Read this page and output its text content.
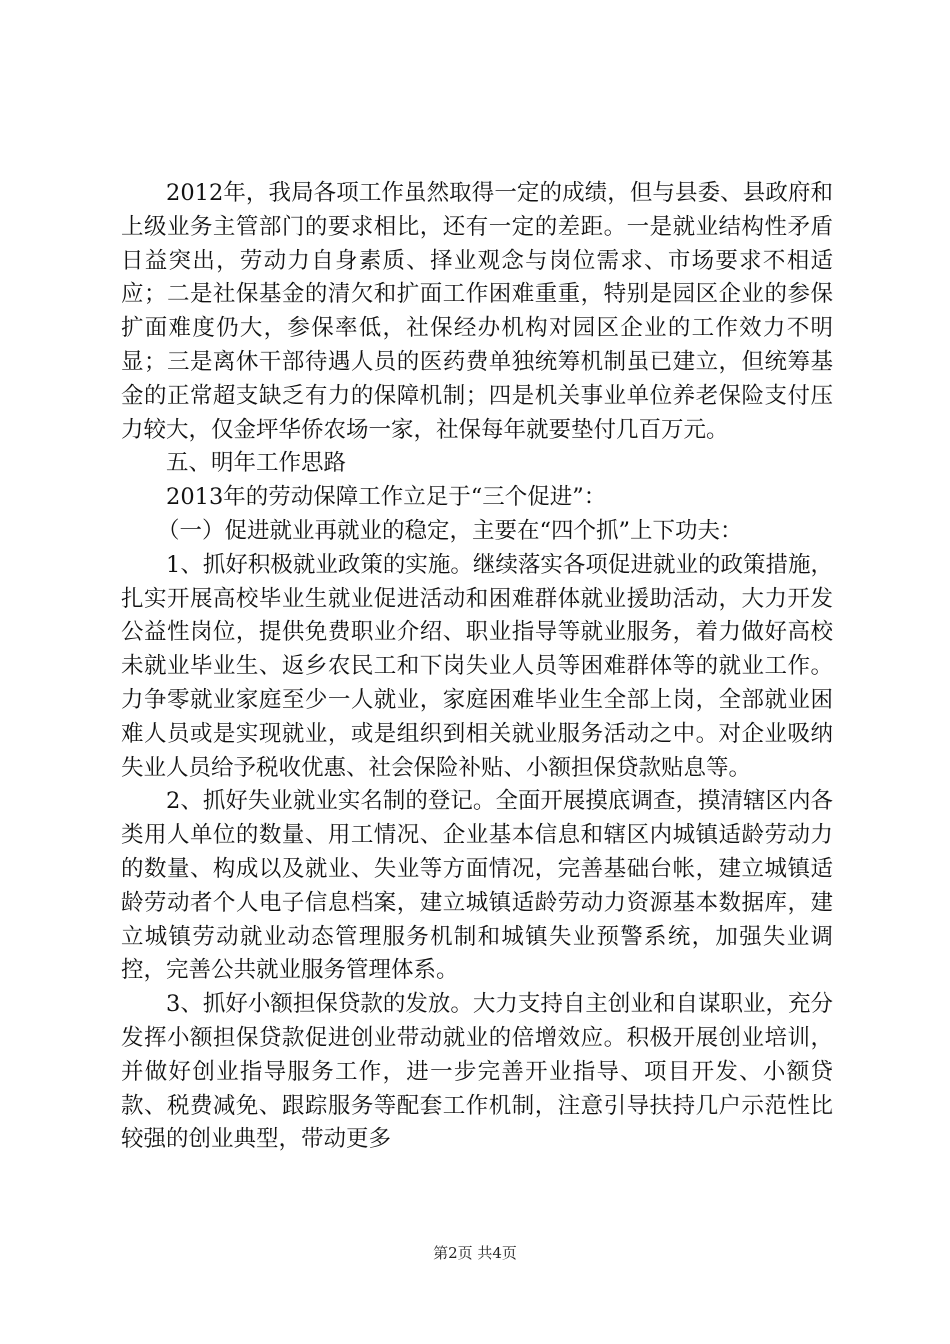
2012年，我局各项工作虽然取得一定的成绩，但与县委、县政府和上级业务主管部门的要求相比，还有一定的差距。一是就业结构性矛盾日益突出，劳动力自身素质、择业观念与岗位需求、市场要求不相适应；二是社保基金的清欠和扩面工作困难重重，特别是园区企业的参保扩面难度仍大，参保率低，社保经办机构对园区企业的工作效力不明显；三是离休干部待遇人员的医药费单独统筹机制虽已建立，但统筹基金的正常超支缺乏有力的保障机制；四是机关事业单位养老保险支付压力较大，仅金坪华侨农场一家，社保每年就要垫付几百万元。

五、明年工作思路

2013年的劳动保障工作立足于“三个促进”：

（一）促进就业再就业的稳定，主要在“四个抓”上下功夫：

1、抓好积极就业政策的实施。继续落实各项促进就业的政策措施，扎实开展高校毕业生就业促进活动和困难群体就业援助活动，大力开发公益性岗位，提供免费职业介绍、职业指导等就业服务，着力做好高校未就业毕业生、返乡农民工和下岗失业人员等困难群体等的就业工作。力争零就业家庭至少一人就业，家庭困难毕业生全部上岗，全部就业困难人员或是实现就业，或是组织到相关就业服务活动之中。对企业吸纳失业人员给予税收优惠、社会保险补贴、小额担保贷款贴息等。

2、抓好失业就业实名制的登记。全面开展摸底调查，摸清辖区内各类用人单位的数量、用工情况、企业基本信息和辖区内城镇适龄劳动力的数量、构成以及就业、失业等方面情况，完善基础台帐，建立城镇适龄劳动者个人电子信息档案，建立城镇适龄劳动力资源基本数据库，建立城镇劳动就业动态管理服务机制和城镇失业预警系统，加强失业调控，完善公共就业服务管理体系。

3、抓好小额担保贷款的发放。大力支持自主创业和自谋职业，充分发挥小额担保贷款促进创业带动就业的倍增效应。积极开展创业培训，并做好创业指导服务工作，进一步完善开业指导、项目开发、小额贷款、税费减免、跟踪服务等配套工作机制，注意引导扶持几户示范性比较强的创业典型，带动更多

第2页 共4页
